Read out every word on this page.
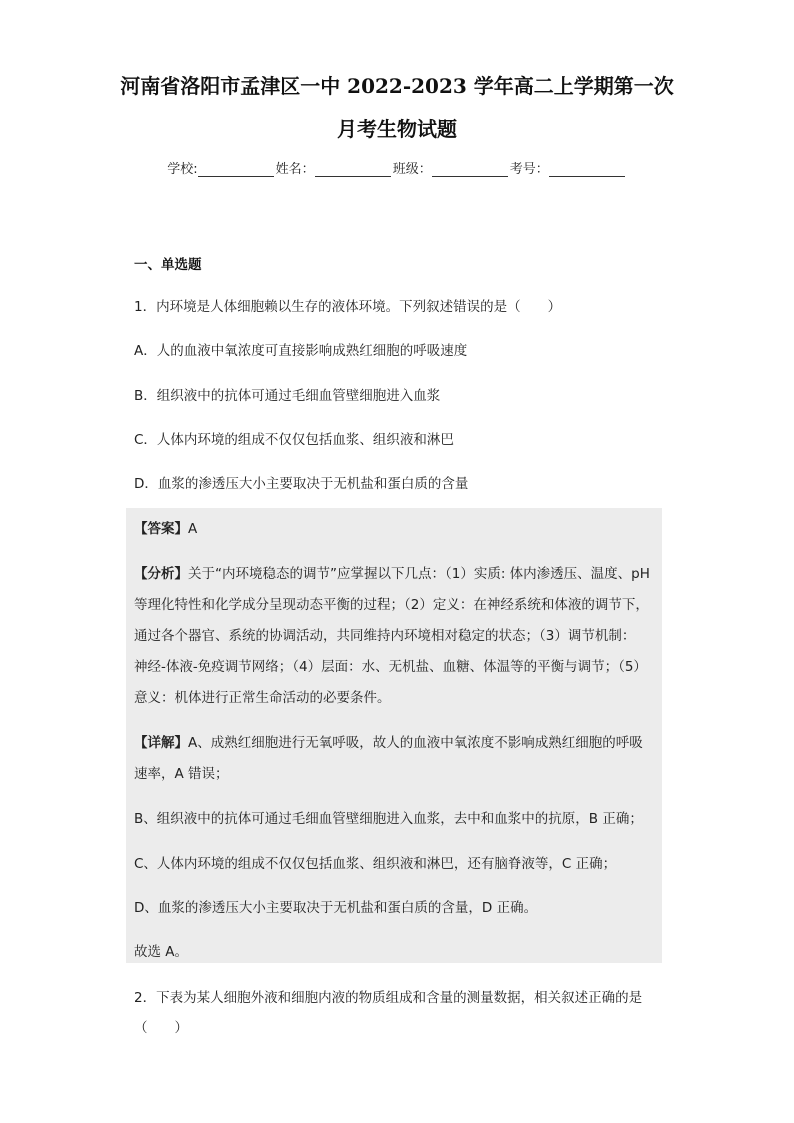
河南省洛阳市孟津区一中 2022-2023 学年高二上学期第一次
月考生物试题
学校:	姓名：	班级：	考号：
一、单选题
1．内环境是人体细胞赖以生存的液体环境。下列叙述错误的是（　　）
A．人的血液中氧浓度可直接影响成熟红细胞的呼吸速度
B．组织液中的抗体可通过毛细血管壁细胞进入血浆
C．人体内环境的组成不仅仅包括血浆、组织液和淋巴
D．血浆的渗透压大小主要取决于无机盐和蛋白质的含量
【答案】A
【分析】关于“内环境稳态的调节”应掌握以下几点：（1）实质: 体内渗透压、温度、pH
等理化特性和化学成分呈现动态平衡的过程；（2）定义：在神经系统和体液的调节下，
通过各个器官、系统的协调活动，共同维持内环境相对稳定的状态；（3）调节机制：
神经-体液-免疫调节网络；（4）层面：水、无机盐、血糖、体温等的平衡与调节；（5）
意义：机体进行正常生命活动的必要条件。
【详解】A、成熟红细胞进行无氧呼吸，故人的血液中氧浓度不影响成熟红细胞的呼吸
速率，A 错误；
B、组织液中的抗体可通过毛细血管壁细胞进入血浆，去中和血浆中的抗原，B 正确；
C、人体内环境的组成不仅仅包括血浆、组织液和淋巴，还有脑脊液等，C 正确；
D、血浆的渗透压大小主要取决于无机盐和蛋白质的含量，D 正确。
故选 A。
2．下表为某人细胞外液和细胞内液的物质组成和含量的测量数据，相关叙述正确的是
（　　）
